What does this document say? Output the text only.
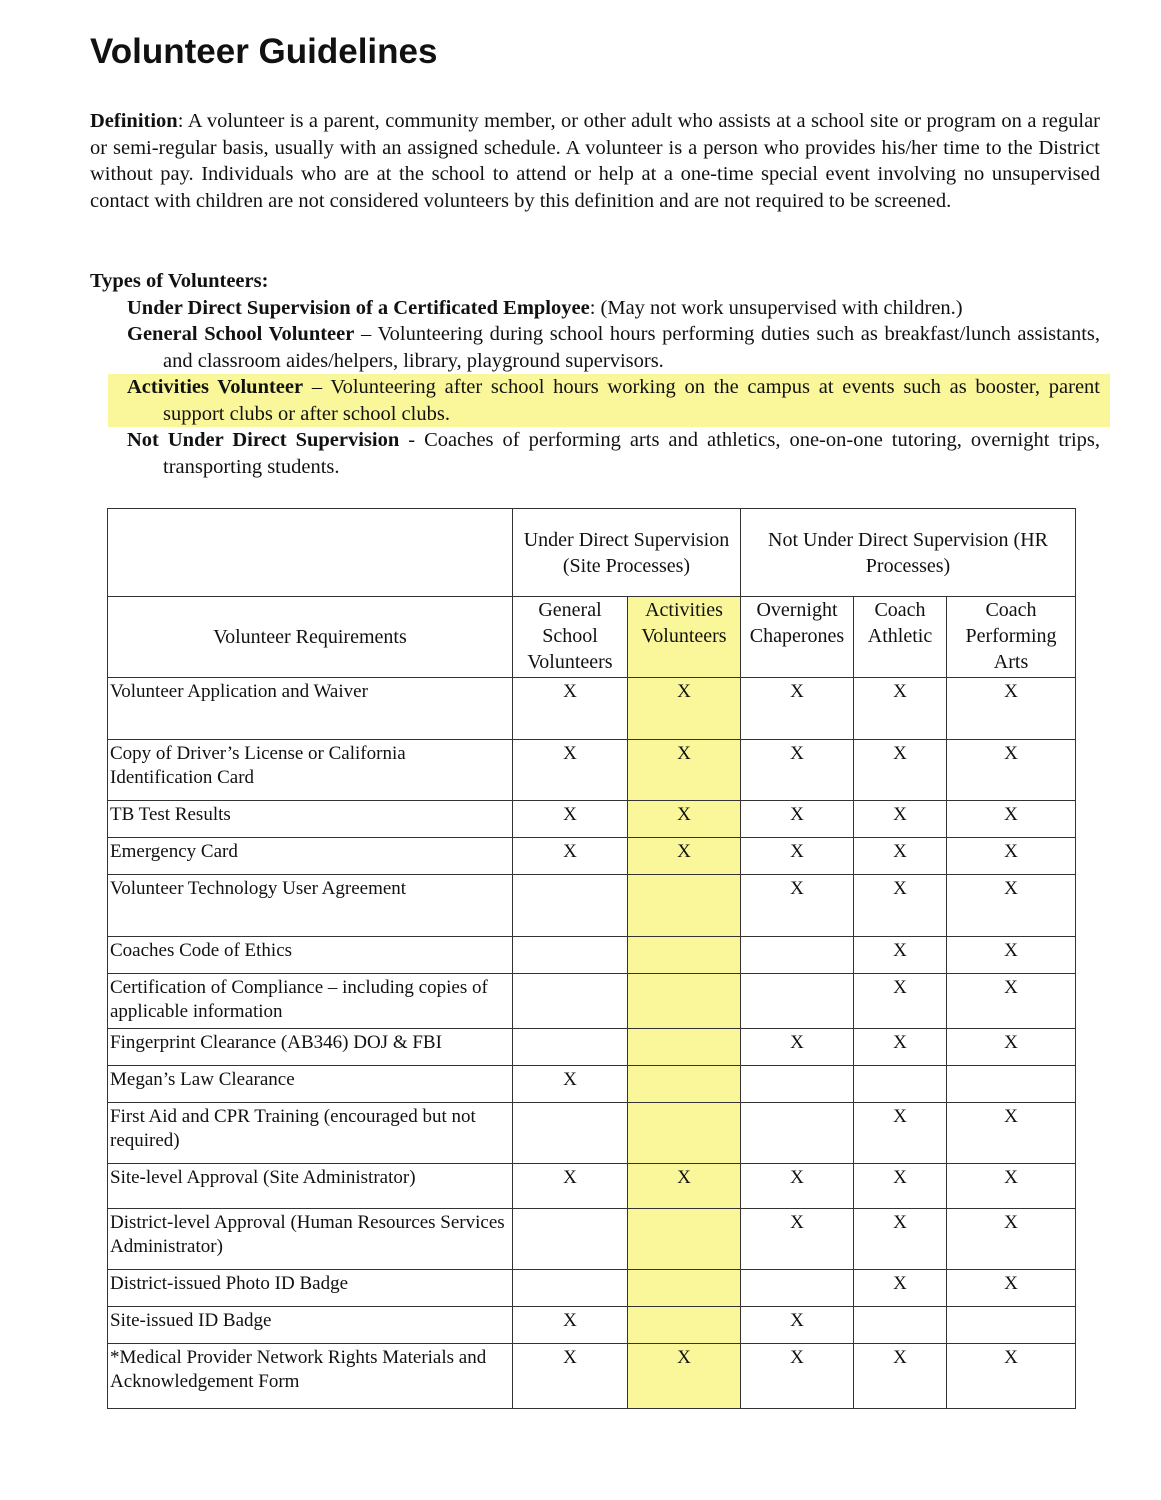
Volunteer Guidelines

Definition: A volunteer is a parent, community member, or other adult who assists at a school site or program on a regular or semi-regular basis, usually with an assigned schedule. A volunteer is a person who provides his/her time to the District without pay. Individuals who are at the school to attend or help at a one-time special event involving no unsupervised contact with children are not considered volunteers by this definition and are not required to be screened.

Types of Volunteers:
Under Direct Supervision of a Certificated Employee: (May not work unsupervised with children.)
General School Volunteer – Volunteering during school hours performing duties such as breakfast/lunch assistants, and classroom aides/helpers, library, playground supervisors.
Activities Volunteer – Volunteering after school hours working on the campus at events such as booster, parent support clubs or after school clubs.
Not Under Direct Supervision - Coaches of performing arts and athletics, one-on-one tutoring, overnight trips, transporting students.
	Under Direct Supervision (Site Processes)		Not Under Direct Supervision (HR Processes)		
Volunteer Requirements	General School Volunteers	Activities Volunteers	Overnight Chaperones	Coach Athletic	Coach Performing Arts
Volunteer Application and Waiver	X	X	X	X	X
Copy of Driver’s License or California Identification Card	X	X	X	X	X
TB Test Results	X	X	X	X	X
Emergency Card	X	X	X	X	X
Volunteer Technology User Agreement			X	X	X
Coaches Code of Ethics				X	X
Certification of Compliance – including copies of applicable information				X	X
Fingerprint Clearance (AB346) DOJ & FBI			X	X	X
Megan’s Law Clearance	X				
First Aid and CPR Training (encouraged but not required)				X	X
Site-level Approval (Site Administrator)	X	X	X	X	X
District-level Approval (Human Resources Services Administrator)			X	X	X
District-issued Photo ID Badge				X	X
Site-issued ID Badge	X		X		
*Medical Provider Network Rights Materials and Acknowledgement Form	X	X	X	X	X
